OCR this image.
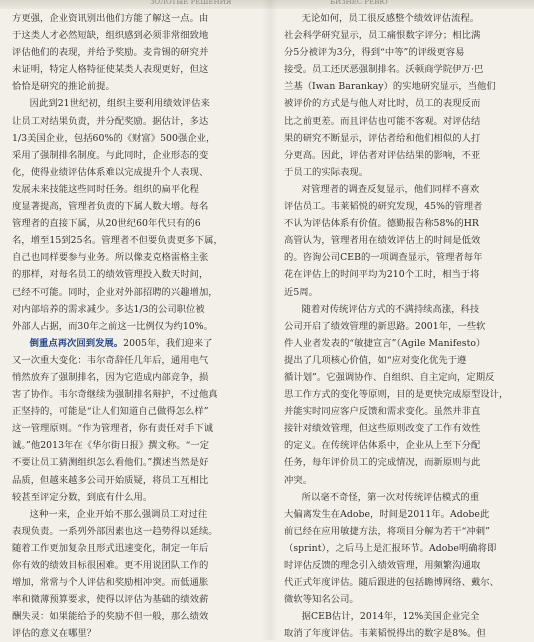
ЗОЛОТЫЕ РЕШЕНИЯ	БИЗНЕС РЕВЮ
方更强，企业资讯别出他们方能了解这一点。由
于这类人才必然短缺，组织感到必须非常细致地
评估他们的表现，并给予奖励。麦肯锡的研究并
未证明，特定人格特征使某类人表现更好，但这
恰恰是研究的推论前提。
因此到21世纪初，组织主要利用绩效评估来
让员工对结果负责，并分配奖励。据估计，多达
1/3美国企业，包括60%的《财富》500强企业，
采用了强制排名制度。与此同时，企业形态的变
化，使得业绩评估体系难以完成提升个人表现、
发展未来技能这些同时任务。组织的扁平化程
度显著提高，管理者负责的下属人数大增。每名
管理者的直接下属，从20世纪60年代只有的6
名，增至15到25名。管理者不但要负责更多下属，
自己也同样要参与业务。所以像麦克格雷格主张
的那样，对每名员工的绩效管理投入数天时间，
已经不可能。同时，企业对外部招聘的兴趣增加，
对内部培养的需求减少。多达1/3的公司职位被
外部人占据，而30年之前这一比例仅为约10%。
倒重点再次回到发展。2005年，我们迎来了
又一次重大变化：韦尔奇辞任几年后，通用电气
悄然放弃了强制排名，因为它造成内部竞争，损
害了协作。韦尔奇继续为强制排名辩护，不过他真
正坚持的，可能是“让人们知道自己做得怎么样”
这一管理原则。“作为管理者，你有责任对手下诚
诚。”他2013年在《华尔街日报》撰文称。“一定
不要让员工猜测组织怎么看他们。”撰述当然是好
品质，但越来越多公司开始质疑，将员工互相比
较甚至评定分数，到底有什么用。
这种一来，企业开始不那么强调员工对过往
表现负责。一系列外部因素也这一趋势得以延续。
随着工作更加复杂且形式迅速变化，制定一年后
你有效的绩效目标很困难。更不用说团队工作的
增加，常常与个人评估和奖励相冲突。而低通胀
率和微薄预算要求，使得以评估为基础的绩效薪
酬失灵：如果能给予的奖励不但一般，那么绩效
评估的意义在哪里？
无论如何，员工很反感整个绩效评估流程。
社会科学研究显示，员工痛恨数字评分；相比满
分5分被评为3分，得到“中等”的评级更容易
接受。员工还厌恶强制排名。沃顿商学院伊万·巴
兰基（Iwan Barankay）的实地研究显示，当他们
被评价的方式是与他人对比时，员工的表现反而
比之前更差。而且评估也可能不客观。对评估结
果的研究不断显示，评估者给和他们相似的人打
分更高。因此，评估者对评估结果的影响，不亚
于员工的实际表现。
对管理者的调查反复显示，他们同样不喜欢
评估员工。韦莱韬悦的研究发现，45%的管理者
不认为评估体系有价值。德勤报告称58%的HR
高管认为，管理者用在绩效评估上的时间是低效
的。咨询公司CEB的一项调查显示，管理者每年
花在评估上的时间平均为210个工时，相当于将
近5周。
随着对传统评估方式的不满持续高涨，科技
公司开启了绩效管理的新思路。2001年，一些软
件人业者发表的“敏捷宣言”（Agile Manifesto）
提出了几项核心价值，如“应对变化优先于遵
循计划”。它强调协作、自组织、自主定向，定期反
思工作方式的变化等原则，目的是更快完成原型设计，
并能实时同应客户反馈和需求变化。虽然并非直
接针对绩效管理，但这些原则改变了工作有效性
的定义。在传统评估体系中，企业从上至下分配
任务，每年评价员工的完成情况，而新原则与此
冲突。
所以毫不奇怪，第一次对传统评估模式的重
大偏离发生在Adobe，时间是2011年。Adobe此
前已经在应用敏捷方法，将项目分解为若干“冲刺”
（sprint），之后马上是汇报环节。Adobe明确将即
时评估反馈的理念引入绩效管理，用频繁沟通取
代正式年度评估。随后跟进的包括瞻博网络、戴尔、
微软等知名公司。
据CEB估计，2014年，12%美国企业完全
取消了年度评估。韦莱韬悦得出的数字是8%。但
